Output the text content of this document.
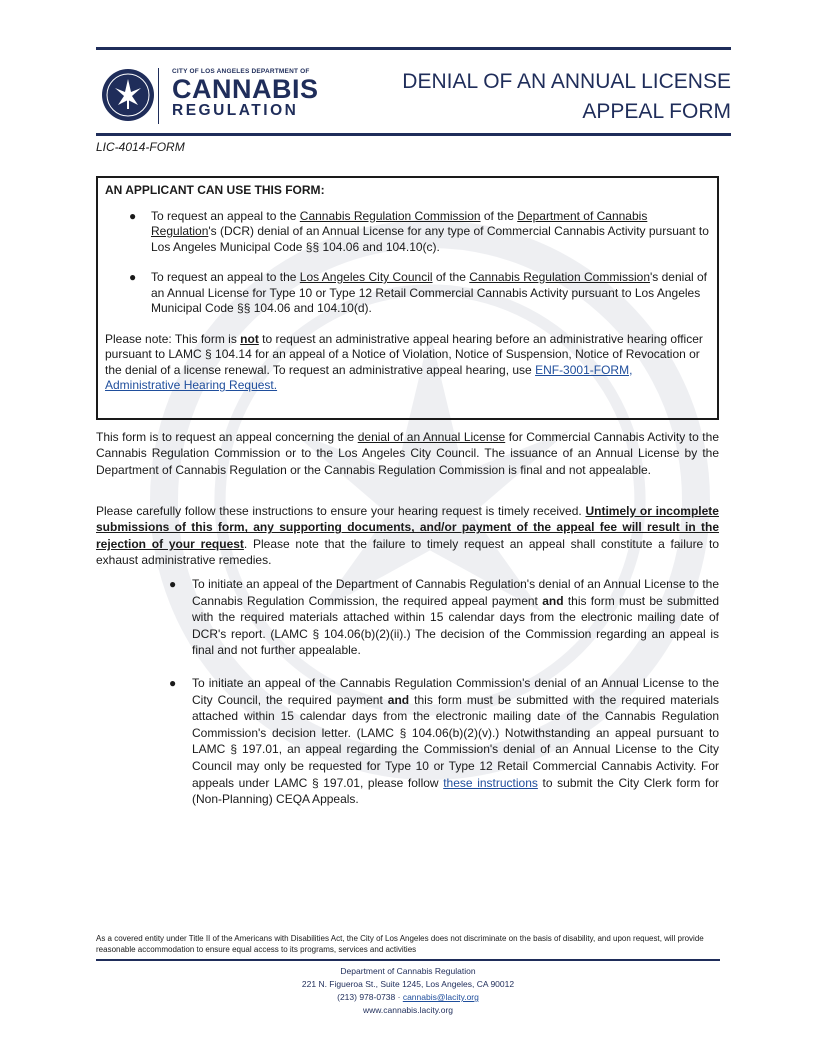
CITY OF LOS ANGELES DEPARTMENT OF
CANNABIS
REGULATION
DENIAL OF AN ANNUAL LICENSE
APPEAL FORM
LIC-4014-FORM
AN APPLICANT CAN USE THIS FORM:
● To request an appeal to the Cannabis Regulation Commission of the Department of Cannabis Regulation's (DCR) denial of an Annual License for any type of Commercial Cannabis Activity pursuant to Los Angeles Municipal Code §§ 104.06 and 104.10(c).
● To request an appeal to the Los Angeles City Council of the Cannabis Regulation Commission's denial of an Annual License for Type 10 or Type 12 Retail Commercial Cannabis Activity pursuant to Los Angeles Municipal Code §§ 104.06 and 104.10(d).
Please note: This form is not to request an administrative appeal hearing before an administrative hearing officer pursuant to LAMC § 104.14 for an appeal of a Notice of Violation, Notice of Suspension, Notice of Revocation or the denial of a license renewal. To request an administrative appeal hearing, use ENF-3001-FORM, Administrative Hearing Request.
This form is to request an appeal concerning the denial of an Annual License for Commercial Cannabis Activity to the Cannabis Regulation Commission or to the Los Angeles City Council. The issuance of an Annual License by the Department of Cannabis Regulation or the Cannabis Regulation Commission is final and not appealable.
Please carefully follow these instructions to ensure your hearing request is timely received. Untimely or incomplete submissions of this form, any supporting documents, and/or payment of the appeal fee will result in the rejection of your request. Please note that the failure to timely request an appeal shall constitute a failure to exhaust administrative remedies.
● To initiate an appeal of the Department of Cannabis Regulation's denial of an Annual License to the Cannabis Regulation Commission, the required appeal payment and this form must be submitted with the required materials attached within 15 calendar days from the electronic mailing date of DCR's report. (LAMC § 104.06(b)(2)(ii).) The decision of the Commission regarding an appeal is final and not further appealable.
● To initiate an appeal of the Cannabis Regulation Commission's denial of an Annual License to the City Council, the required payment and this form must be submitted with the required materials attached within 15 calendar days from the electronic mailing date of the Cannabis Regulation Commission's decision letter. (LAMC § 104.06(b)(2)(v).) Notwithstanding an appeal pursuant to LAMC § 197.01, an appeal regarding the Commission's denial of an Annual License to the City Council may only be requested for Type 10 or Type 12 Retail Commercial Cannabis Activity. For appeals under LAMC § 197.01, please follow these instructions to submit the City Clerk form for (Non-Planning) CEQA Appeals.
As a covered entity under Title II of the Americans with Disabilities Act, the City of Los Angeles does not discriminate on the basis of disability, and upon request, will provide reasonable accommodation to ensure equal access to its programs, services and activities
Department of Cannabis Regulation
221 N. Figueroa St., Suite 1245, Los Angeles, CA 90012
(213) 978-0738 · cannabis@lacity.org
www.cannabis.lacity.org
